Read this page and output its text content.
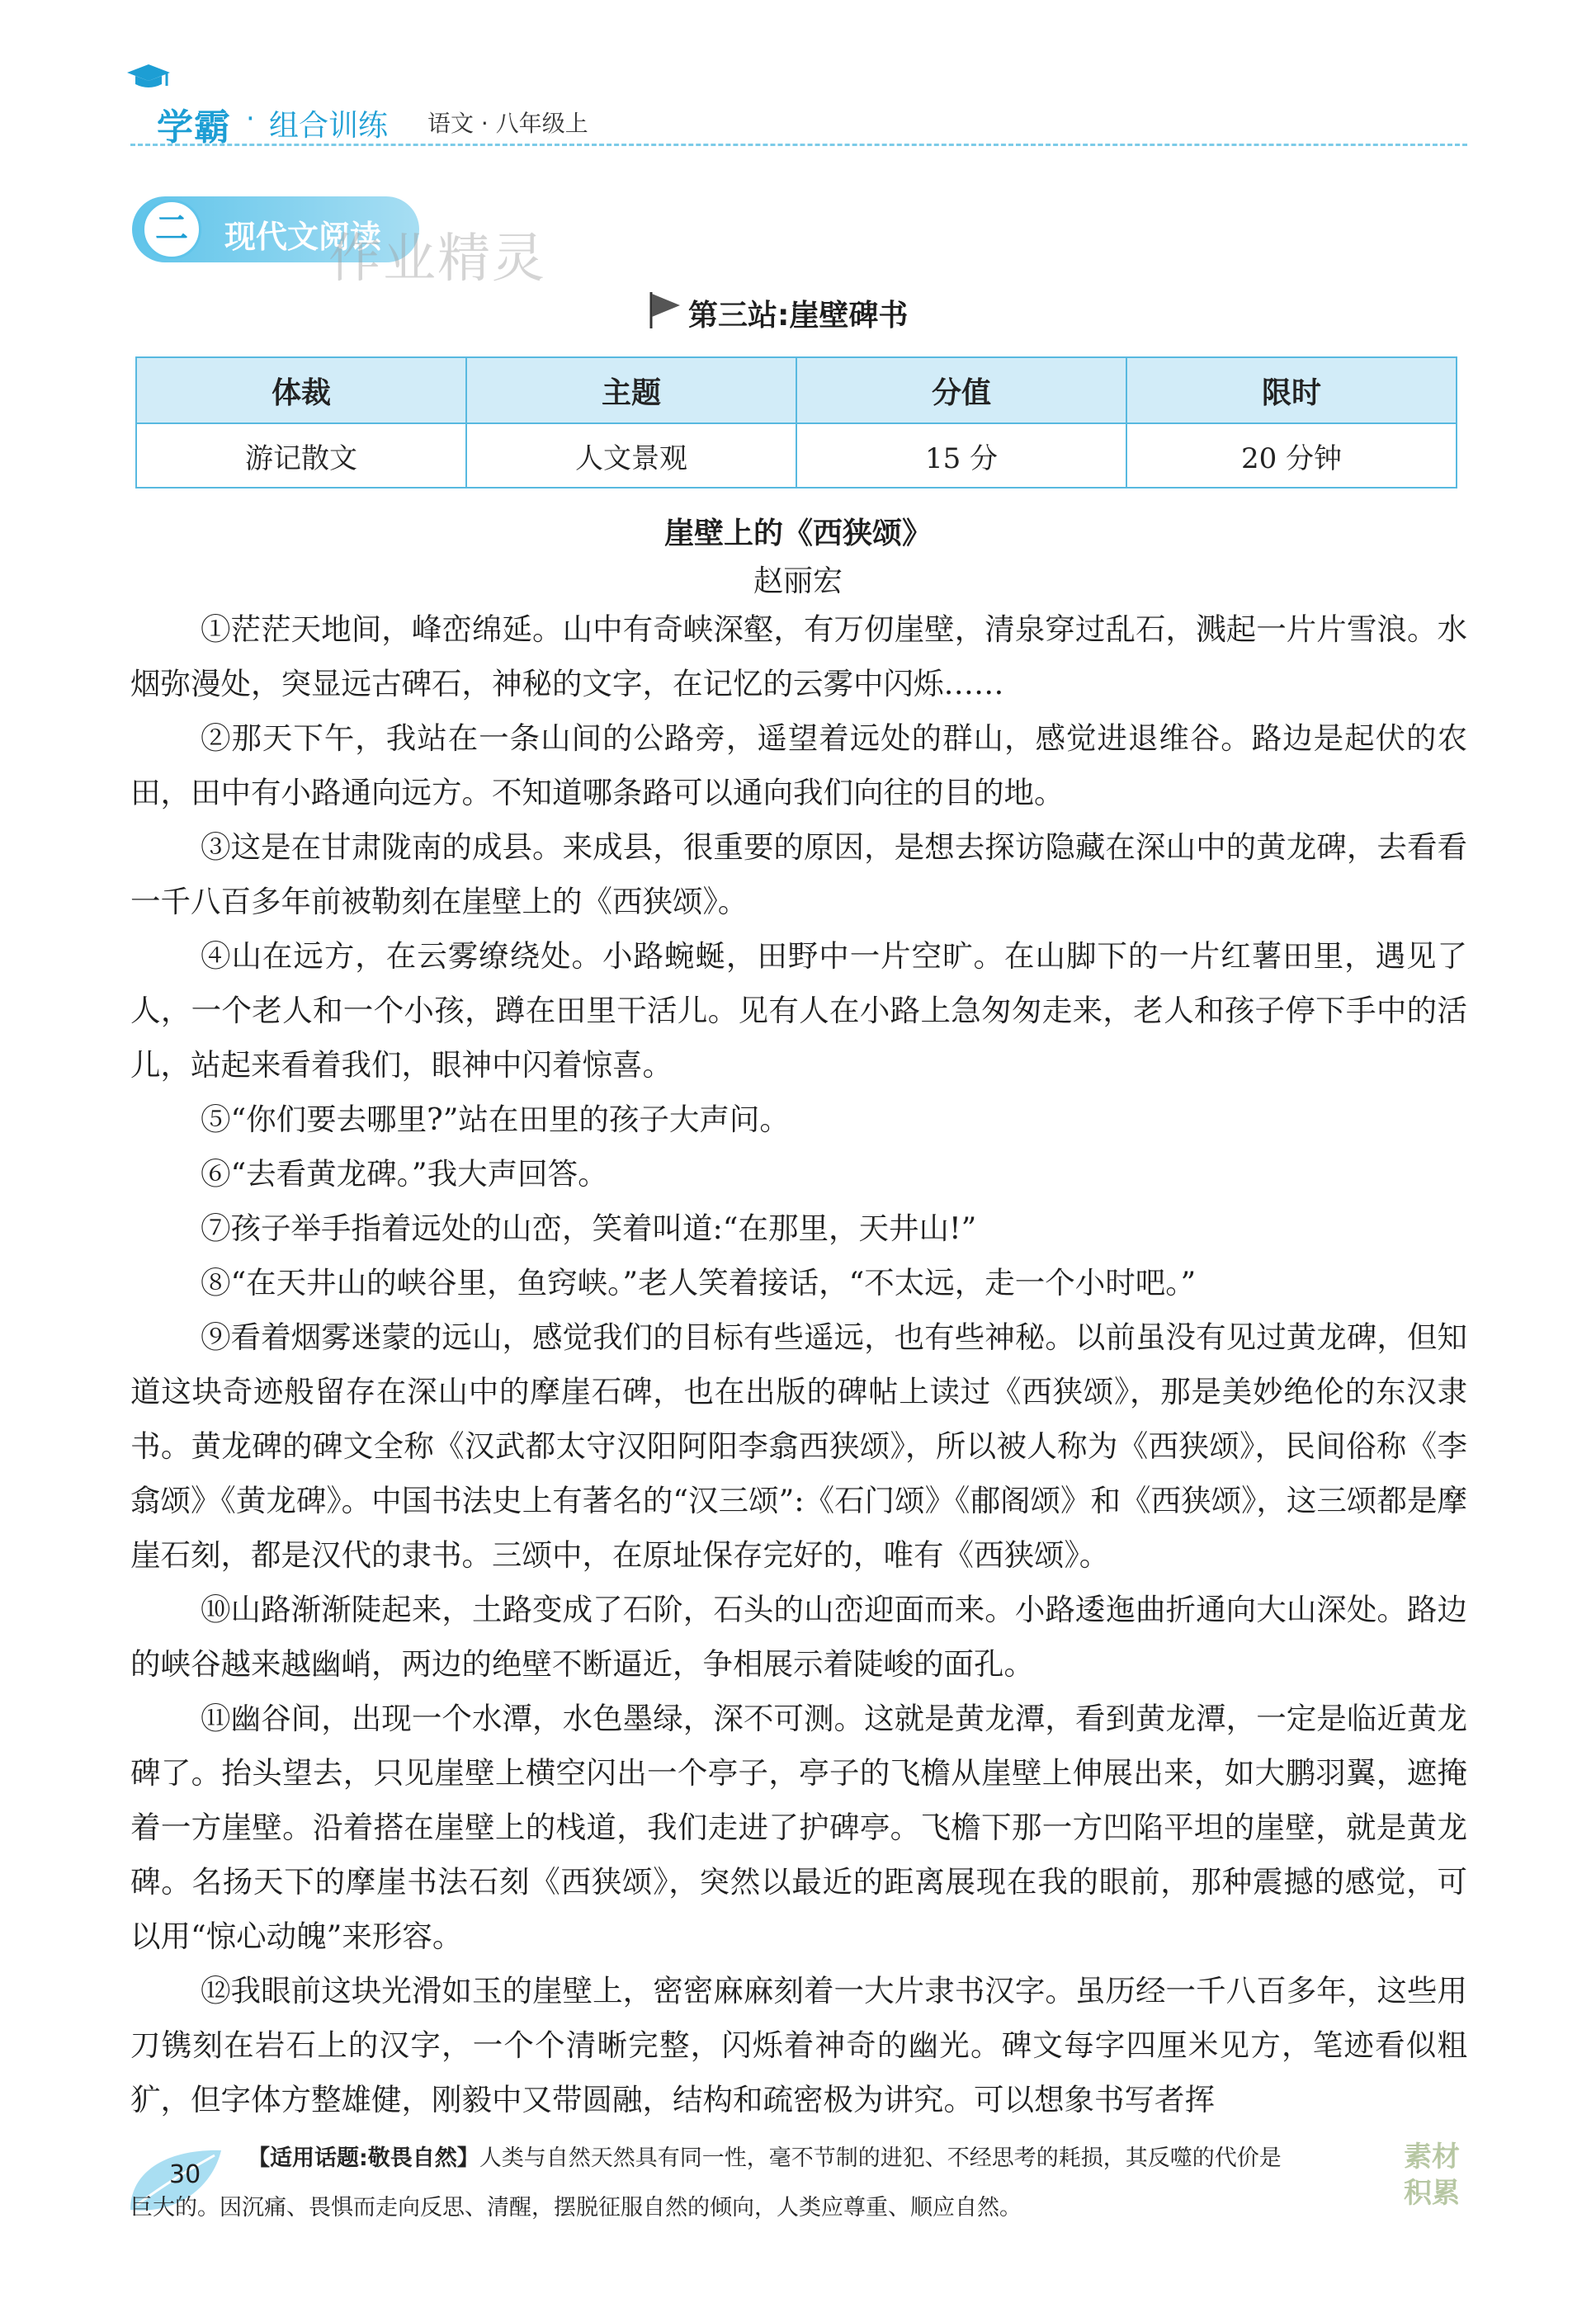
学霸 · 组合训练 语文 · 八年级上
二	现代文阅读
作业精灵
第三站:崖壁碑书
体裁	主题	分值	限时
游记散文	人文景观	15 分	20 分钟
崖壁上的《西狭颂》
赵丽宏

①茫茫天地间，峰峦绵延。山中有奇峡深壑，有万仞崖壁，清泉穿过乱石，溅起一片片雪浪。水烟弥漫处，突显远古碑石，神秘的文字，在记忆的云雾中闪烁……

②那天下午，我站在一条山间的公路旁，遥望着远处的群山，感觉进退维谷。路边是起伏的农田，田中有小路通向远方。不知道哪条路可以通向我们向往的目的地。

③这是在甘肃陇南的成县。来成县，很重要的原因，是想去探访隐藏在深山中的黄龙碑，去看看一千八百多年前被勒刻在崖壁上的《西狭颂》。

④山在远方，在云雾缭绕处。小路蜿蜒，田野中一片空旷。在山脚下的一片红薯田里，遇见了人，一个老人和一个小孩，蹲在田里干活儿。见有人在小路上急匆匆走来，老人和孩子停下手中的活儿，站起来看着我们，眼神中闪着惊喜。

⑤“你们要去哪里?”站在田里的孩子大声问。

⑥“去看黄龙碑。”我大声回答。

⑦孩子举手指着远处的山峦，笑着叫道:“在那里，天井山!”

⑧“在天井山的峡谷里，鱼窍峡。”老人笑着接话，“不太远，走一个小时吧。”

⑨看着烟雾迷蒙的远山，感觉我们的目标有些遥远，也有些神秘。以前虽没有见过黄龙碑，但知道这块奇迹般留存在深山中的摩崖石碑，也在出版的碑帖上读过《西狭颂》，那是美妙绝伦的东汉隶书。黄龙碑的碑文全称《汉武都太守汉阳阿阳李翕西狭颂》，所以被人称为《西狭颂》，民间俗称《李翕颂》《黄龙碑》。中国书法史上有著名的“汉三颂”:《石门颂》《郙阁颂》和《西狭颂》，这三颂都是摩崖石刻，都是汉代的隶书。三颂中，在原址保存完好的，唯有《西狭颂》。

⑩山路渐渐陡起来，土路变成了石阶，石头的山峦迎面而来。小路逶迤曲折通向大山深处。路边的峡谷越来越幽峭，两边的绝壁不断逼近，争相展示着陡峻的面孔。

⑪幽谷间，出现一个水潭，水色墨绿，深不可测。这就是黄龙潭，看到黄龙潭，一定是临近黄龙碑了。抬头望去，只见崖壁上横空闪出一个亭子，亭子的飞檐从崖壁上伸展出来，如大鹏羽翼，遮掩着一方崖壁。沿着搭在崖壁上的栈道，我们走进了护碑亭。飞檐下那一方凹陷平坦的崖壁，就是黄龙碑。名扬天下的摩崖书法石刻《西狭颂》，突然以最近的距离展现在我的眼前，那种震撼的感觉，可以用“惊心动魄”来形容。

⑫我眼前这块光滑如玉的崖壁上，密密麻麻刻着一大片隶书汉字。虽历经一千八百多年，这些用刀镌刻在岩石上的汉字，一个个清晰完整，闪烁着神奇的幽光。碑文每字四厘米见方，笔迹看似粗犷，但字体方整雄健，刚毅中又带圆融，结构和疏密极为讲究。可以想象书写者挥

30
【适用话题:敬畏自然】人类与自然天然具有同一性，毫不节制的进犯、不经思考的耗损，其反噬的代价是
巨大的。因沉痛、畏惧而走向反思、清醒，摆脱征服自然的倾向，人类应尊重、顺应自然。
素材积累
